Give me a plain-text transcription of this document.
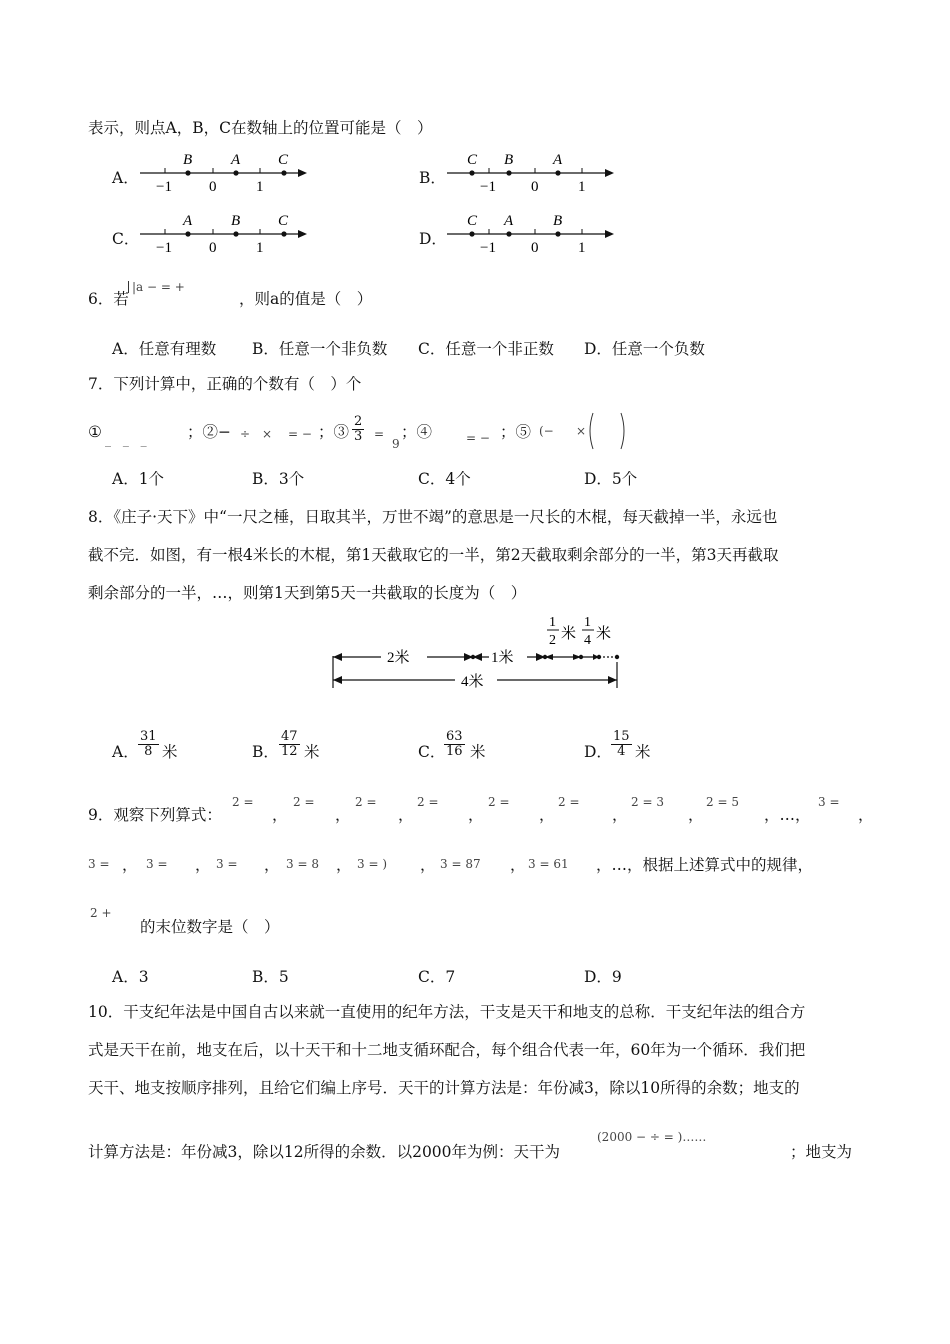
表示，则点A，B，C在数轴上的位置可能是（　）
A．
B	A	C
−1 0	1	B．
C B	A
−1 0	1
C．
A	B	C
−1 0	1	D．
C A	B
−1 0	1
6．若
|a − = +
，则a的值是（　）
A．任意有理数 B．任意一个非负数 C．任意一个非正数 D．任意一个负数
7．下列计算中，正确的个数有（　）个
① _ _ _ ；②− ÷ × = − ；③ $\frac{2}{3}$ =
9
；④	= − ；⑤ (− ×
A．1个	B．3个	C．4个	D．5个
8．《庄子·天下》中“一尺之棰，日取其半，万世不竭”的意思是一尺长的木棍，每天截掉一半，永远也
截不完．如图，有一根4米长的木棍，第1天截取它的一半，第2天截取剩余部分的一半，第3天再截取
剩余部分的一半，…，则第1天到第5天一共截取的长度为（　）
2米	1米
1
2 米
1
4 米
4米
A． $\frac{31}{8}$ 米	B． $\frac{47}{12}$ 米	C．
$\frac{63}{16}$ 米	D． $\frac{15}{4}$ 米
9．观察下列算式：
2 =
，
2 =
，
2 =
，
2 =
，
2 =
，
2 =
，
2 = 3
，
2 = 5
，…，
3 =
，
3 = ， 3 = ， 3 = ， 3 = 8 ， 3 = ) ， 3 = 87 ， 3 = 61 ，…，根据上述算式中的规律，
2 +
的末位数字是（　）
A．3	B．5	C．7	D．9
10．干支纪年法是中国自古以来就一直使用的纪年方法，干支是天干和地支的总称．干支纪年法的组合方
式是天干在前，地支在后，以十天干和十二地支循环配合，每个组合代表一年，60年为一个循环．我们把
天干、地支按顺序排列，且给它们编上序号．天干的计算方法是：年份减3，除以10所得的余数；地支的
计算方法是：年份减3，除以12所得的余数．以2000年为例：天干为
(2000 − ÷ = )……
；地支为
